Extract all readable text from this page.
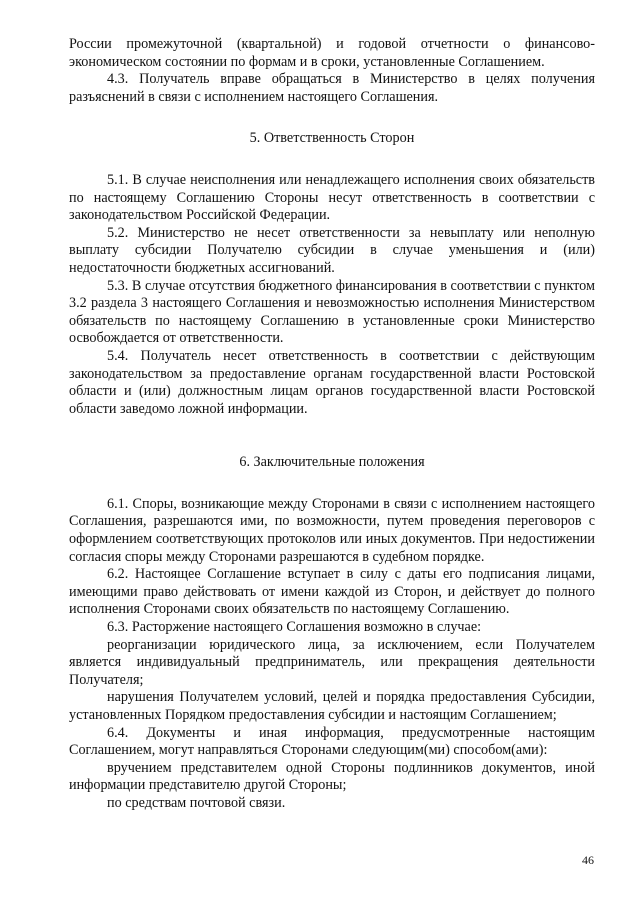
России промежуточной (квартальной) и годовой отчетности о финансово-экономическом состоянии по формам и в сроки, установленные Соглашением.

4.3. Получатель вправе обращаться в Министерство в целях получения разъяснений в связи с исполнением настоящего Соглашения.

5. Ответственность Сторон

5.1. В случае неисполнения или ненадлежащего исполнения своих обязательств по настоящему Соглашению Стороны несут ответственность в соответствии с законодательством Российской Федерации.

5.2. Министерство не несет ответственности за невыплату или неполную выплату субсидии Получателю субсидии в случае уменьшения и (или) недостаточности бюджетных ассигнований.

5.3. В случае отсутствия бюджетного финансирования в соответствии с пунктом 3.2 раздела 3 настоящего Соглашения и невозможностью исполнения Министерством обязательств по настоящему Соглашению в установленные сроки Министерство освобождается от ответственности.

5.4. Получатель несет ответственность в соответствии с действующим законодательством за предоставление органам государственной власти Ростовской области и (или) должностным лицам органов государственной власти Ростовской области заведомо ложной информации.

6. Заключительные положения

6.1. Споры, возникающие между Сторонами в связи с исполнением настоящего Соглашения, разрешаются ими, по возможности, путем проведения переговоров с оформлением соответствующих протоколов или иных документов. При недостижении согласия споры между Сторонами разрешаются в судебном порядке.

6.2. Настоящее Соглашение вступает в силу с даты его подписания лицами, имеющими право действовать от имени каждой из Сторон, и действует до полного исполнения Сторонами своих обязательств по настоящему Соглашению.

6.3. Расторжение настоящего Соглашения возможно в случае:

реорганизации юридического лица, за исключением, если Получателем является индивидуальный предприниматель, или прекращения деятельности Получателя;

нарушения Получателем условий, целей и порядка предоставления Субсидии, установленных Порядком предоставления субсидии и настоящим Соглашением;

6.4. Документы и иная информация, предусмотренные настоящим Соглашением, могут направляться Сторонами следующим(ми) способом(ами):

вручением представителем одной Стороны подлинников документов, иной информации представителю другой Стороны;

по средствам почтовой связи.

46
